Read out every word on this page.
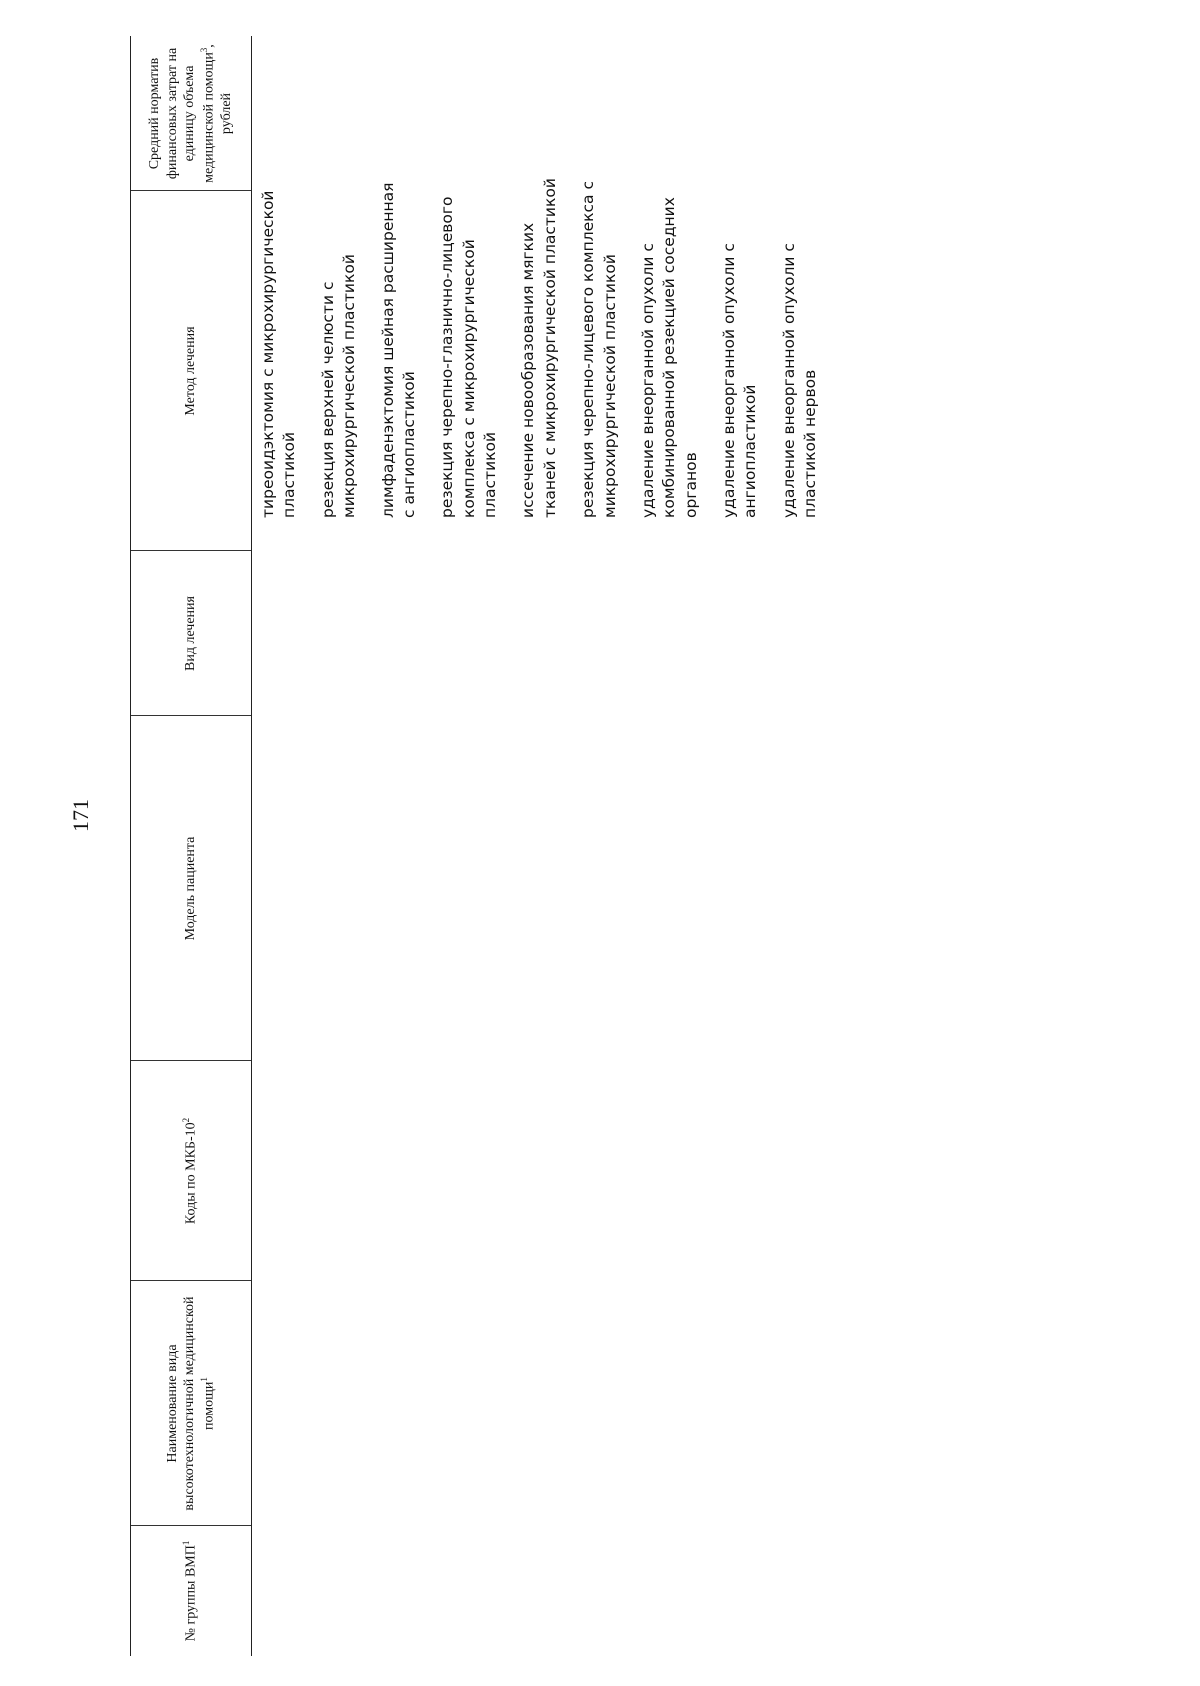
171
№ группы ВМП$^1$
Наименование вида высокотехнологичной медицинской помощи$^1$
Коды по МКБ-$10^2$
Модель пациента
Вид лечения
Метод лечения
Средний норматив финансовых затрат на единицу объема медицинской помощи$^3$, рублей
тиреоидэктомия с микрохирургической пластикой резекция верхней челюсти с микрохирургической пластикой лимфаденэктомия шейная расширенная с ангиопластикой резекция черепно-глазнично-лицевого комплекса с микрохирургической пластикой иссечение новообразования мягких тканей с микрохирургической пластикой резекция черепно-лицевого комплекса с микрохирургической пластикой удаление внеорганной опухоли с комбинированной резекцией соседних органов удаление внеорганной опухоли с ангиопластикой удаление внеорганной опухоли с пластикой нервов
